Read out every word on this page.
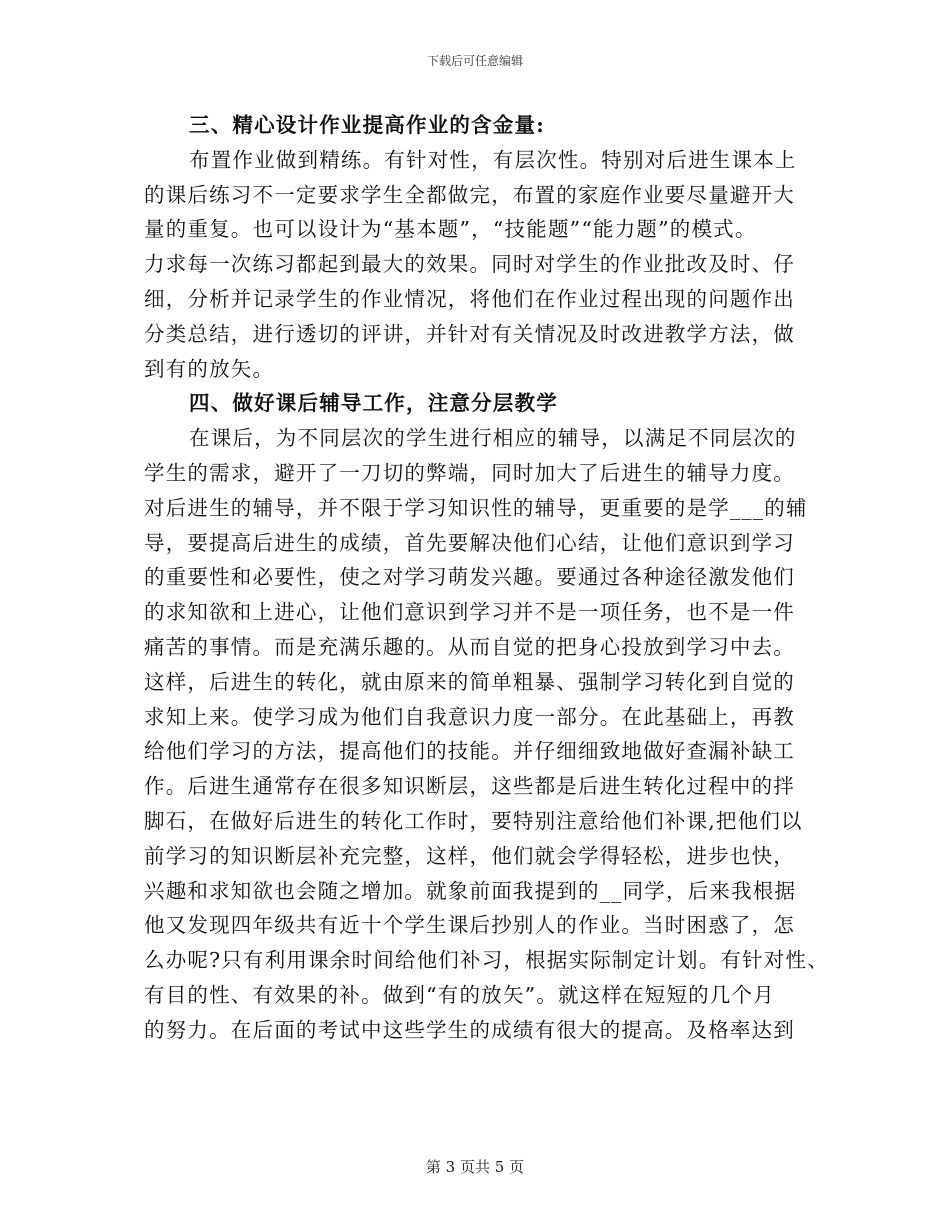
下载后可任意编辑
三、精心设计作业提高作业的含金量:
布置作业做到精练。有针对性，有层次性。特别对后进生课本上
的课后练习不一定要求学生全都做完，布置的家庭作业要尽量避开大
量的重复。也可以设计为“基本题”，“技能题”“能力题”的模式。
力求每一次练习都起到最大的效果。同时对学生的作业批改及时、仔
细，分析并记录学生的作业情况，将他们在作业过程出现的问题作出
分类总结，进行透切的评讲，并针对有关情况及时改进教学方法，做
到有的放矢。
四、做好课后辅导工作，注意分层教学
在课后，为不同层次的学生进行相应的辅导，以满足不同层次的
学生的需求，避开了一刀切的弊端，同时加大了后进生的辅导力度。
对后进生的辅导，并不限于学习知识性的辅导，更重要的是学___的辅
导，要提高后进生的成绩，首先要解决他们心结，让他们意识到学习
的重要性和必要性，使之对学习萌发兴趣。要通过各种途径激发他们
的求知欲和上进心，让他们意识到学习并不是一项任务，也不是一件
痛苦的事情。而是充满乐趣的。从而自觉的把身心投放到学习中去。
这样，后进生的转化，就由原来的简单粗暴、强制学习转化到自觉的
求知上来。使学习成为他们自我意识力度一部分。在此基础上，再教
给他们学习的方法，提高他们的技能。并仔细细致地做好查漏补缺工
作。后进生通常存在很多知识断层，这些都是后进生转化过程中的拌
脚石，在做好后进生的转化工作时，要特别注意给他们补课,把他们以
前学习的知识断层补充完整，这样，他们就会学得轻松，进步也快，
兴趣和求知欲也会随之增加。就象前面我提到的__同学，后来我根据
他又发现四年级共有近十个学生课后抄别人的作业。当时困惑了，怎
么办呢?只有利用课余时间给他们补习，根据实际制定计划。有针对性、
有目的性、有效果的补。做到“有的放矢”。就这样在短短的几个月
的努力。在后面的考试中这些学生的成绩有很大的提高。及格率达到
第 3 页共 5 页
